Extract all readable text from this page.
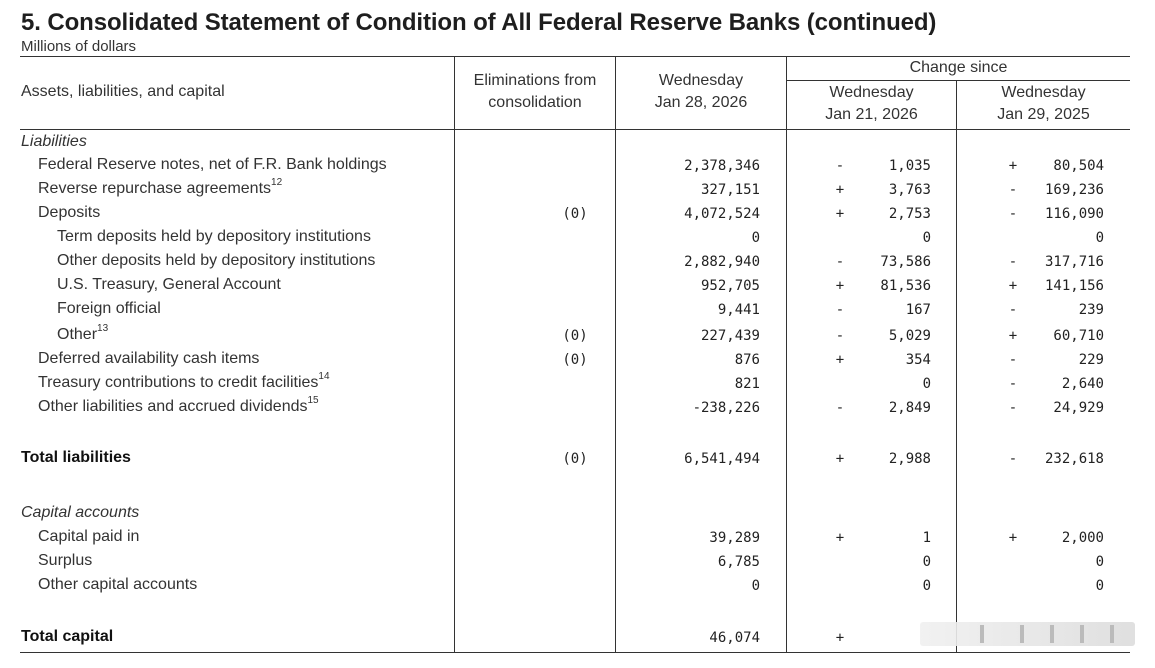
5. Consolidated Statement of Condition of All Federal Reserve Banks (continued)
Millions of dollars
Assets, liabilities, and capital
Eliminations from
consolidation
Wednesday
Jan 28, 2026
Change since
Wednesday
Jan 21, 2026
Wednesday
Jan 29, 2025
Liabilities
Federal Reserve notes, net of F.R. Bank holdings	2,378,346	-	1,035	+	80,504
Reverse repurchase agreements$^{12}$	327,151	+	3,763	- 169,236
Deposits	(0)	4,072,524	+	2,753	- 116,090
Term deposits held by depository institutions	0	0	0
Other deposits held by depository institutions	2,882,940	-	73,586	- 317,716
U.S. Treasury, General Account	952,705	+	81,536	+ 141,156
Foreign official	9,441	-	167	-	239
Other$^{13}$	(0)	227,439	-	5,029	+	60,710
Deferred availability cash items	(0)	876	+	354	-	229
Treasury contributions to credit facilities$^{14}$	821	0	-	2,640
Other liabilities and accrued dividends$^{15}$	-238,226	-	2,849	-	24,929
Total liabilities	(0)	6,541,494	+	2,988	- 232,618
Capital accounts
Capital paid in	39,289	+	1	+	2,000
Surplus	6,785	0	0
Other capital accounts	0	0	0
Total capital	46,074	+
